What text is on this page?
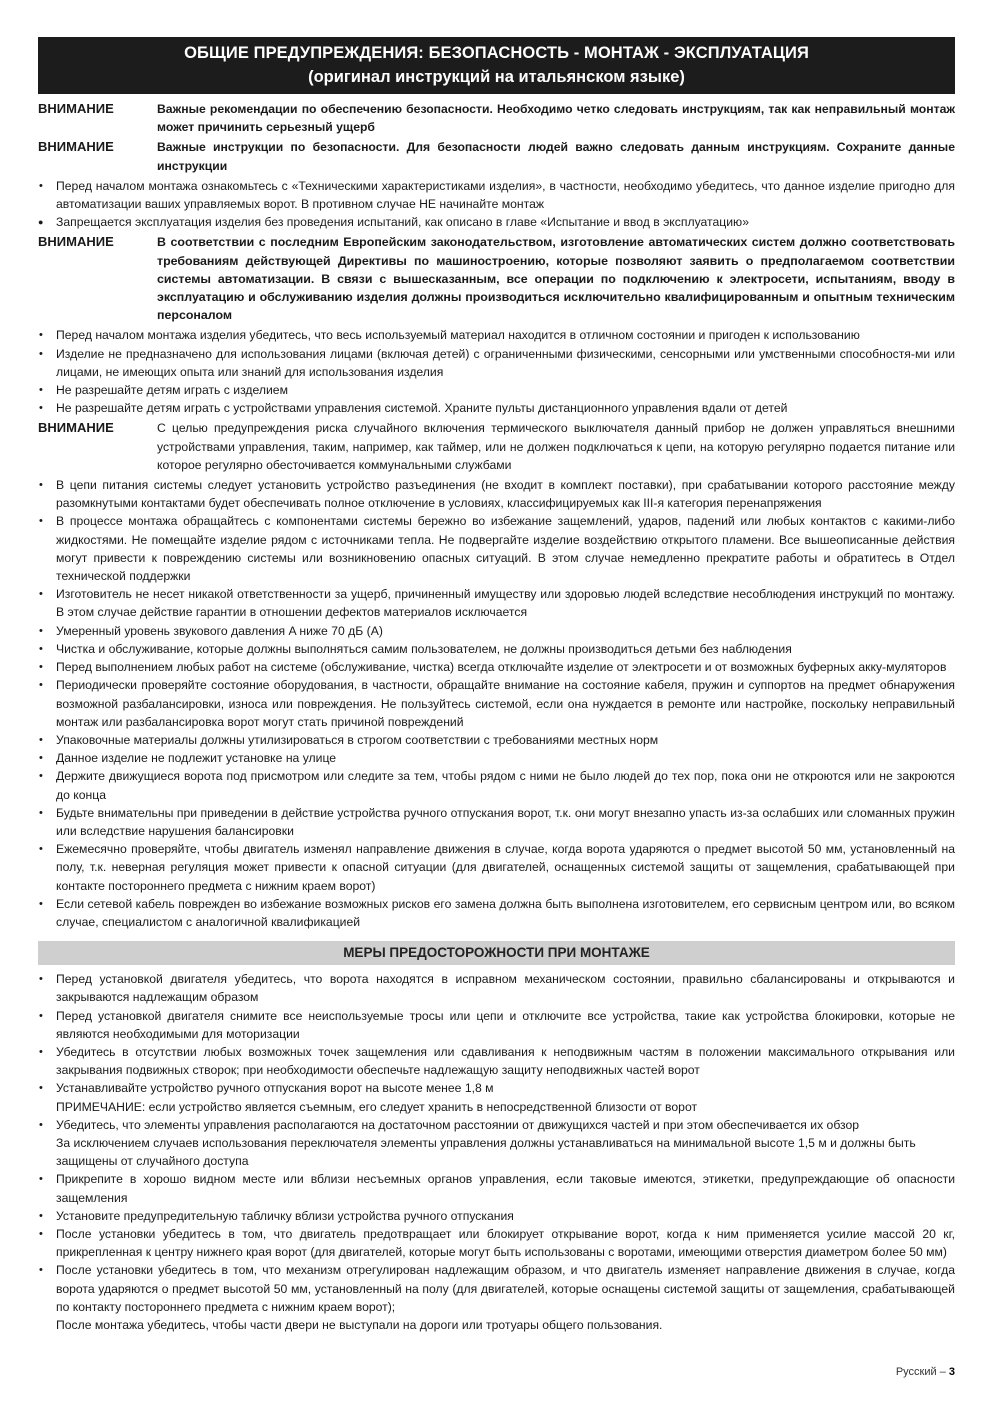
ОБЩИЕ ПРЕДУПРЕЖДЕНИЯ: БЕЗОПАСНОСТЬ - МОНТАЖ - ЭКСПЛУАТАЦИЯ
(оригинал инструкций на итальянском языке)
ВНИМАНИЕ	Важные рекомендации по обеспечению безопасности. Необходимо четко следовать инструкциям, так как неправильный монтаж может причинить серьезный ущерб
ВНИМАНИЕ	Важные инструкции по безопасности. Для безопасности людей важно следовать данным инструкциям. Сохраните данные инструкции
• Перед началом монтажа ознакомьтесь с «Техническими характеристиками изделия», в частности, необходимо убедитесь, что данное изделие пригодно для автоматизации ваших управляемых ворот. В противном случае НЕ начинайте монтаж
● Запрещается эксплуатация изделия без проведения испытаний, как описано в главе «Испытание и ввод в эксплуатацию»
ВНИМАНИЕ	В соответствии с последним Европейским законодательством, изготовление автоматических систем должно соответствовать требованиям действующей Директивы по машиностроению, которые позволяют заявить о предполагаемом соответствии системы автоматизации. В связи с вышесказанным, все операции по подключению к электросети, испытаниям, вводу в эксплуатацию и обслуживанию изделия должны производиться исключительно квалифицированным и опытным техническим персоналом
• Перед началом монтажа изделия убедитесь, что весь используемый материал находится в отличном состоянии и пригоден к использованию
• Изделие не предназначено для использования лицами (включая детей) с ограниченными физическими, сенсорными или умственными способностя-ми или лицами, не имеющих опыта или знаний для использования изделия
• Не разрешайте детям играть с изделием
• Не разрешайте детям играть с устройствами управления системой. Храните пульты дистанционного управления вдали от детей
ВНИМАНИЕ	С целью предупреждения риска случайного включения термического выключателя данный прибор не должен управляться внешними устройствами управления, таким, например, как таймер, или не должен подключаться к цепи, на которую регулярно подается питание или которое регулярно обесточивается коммунальными службами
• В цепи питания системы следует установить устройство разъединения (не входит в комплект поставки), при срабатывании которого расстояние между разомкнутыми контактами будет обеспечивать полное отключение в условиях, классифицируемых как III-я категория перенапряжения
• В процессе монтажа обращайтесь с компонентами системы бережно во избежание защемлений, ударов, падений или любых контактов с какими-либо жидкостями. Не помещайте изделие рядом с источниками тепла. Не подвергайте изделие воздействию открытого пламени. Все вышеописанные действия могут привести к повреждению системы или возникновению опасных ситуаций. В этом случае немедленно прекратите работы и обратитесь в Отдел технической поддержки
• Изготовитель не несет никакой ответственности за ущерб, причиненный имуществу или здоровью людей вследствие несоблюдения инструкций по монтажу. В этом случае действие гарантии в отношении дефектов материалов исключается
• Умеренный уровень звукового давления A ниже 70 дБ (A)
• Чистка и обслуживание, которые должны выполняться самим пользователем, не должны производиться детьми без наблюдения
• Перед выполнением любых работ на системе (обслуживание, чистка) всегда отключайте изделие от электросети и от возможных буферных акку-муляторов
• Периодически проверяйте состояние оборудования, в частности, обращайте внимание на состояние кабеля, пружин и суппортов на предмет обнаружения возможной разбалансировки, износа или повреждения. Не пользуйтесь системой, если она нуждается в ремонте или настройке, поскольку неправильный монтаж или разбалансировка ворот могут стать причиной повреждений
• Упаковочные материалы должны утилизироваться в строгом соответствии с требованиями местных норм
• Данное изделие не подлежит установке на улице
• Держите движущиеся ворота под присмотром или следите за тем, чтобы рядом с ними не было людей до тех пор, пока они не откроются или не закроются до конца
• Будьте внимательны при приведении в действие устройства ручного отпускания ворот, т.к. они могут внезапно упасть из-за ослабших или сломанных пружин или вследствие нарушения балансировки
• Ежемесячно проверяйте, чтобы двигатель изменял направление движения в случае, когда ворота ударяются о предмет высотой 50 мм, установленный на полу, т.к. неверная регуляция может привести к опасной ситуации (для двигателей, оснащенных системой защиты от защемления, срабатывающей при контакте постороннего предмета с нижним краем ворот)
• Если сетевой кабель поврежден во избежание возможных рисков его замена должна быть выполнена изготовителем, его сервисным центром или, во всяком случае, специалистом с аналогичной квалификацией
МЕРЫ ПРЕДОСТОРОЖНОСТИ ПРИ МОНТАЖЕ
• Перед установкой двигателя убедитесь, что ворота находятся в исправном механическом состоянии, правильно сбалансированы и открываются и закрываются надлежащим образом
• Перед установкой двигателя снимите все неиспользуемые тросы или цепи и отключите все устройства, такие как устройства блокировки, которые не являются необходимыми для моторизации
• Убедитесь в отсутствии любых возможных точек защемления или сдавливания к неподвижным частям в положении максимального открывания или закрывания подвижных створок; при необходимости обеспечьте надлежащую защиту неподвижных частей ворот
• Устанавливайте устройство ручного отпускания ворот на высоте менее 1,8 м
ПРИМЕЧАНИЕ: если устройство является съемным, его следует хранить в непосредственной близости от ворот
• Убедитесь, что элементы управления располагаются на достаточном расстоянии от движущихся частей и при этом обеспечивается их обзор
За исключением случаев использования переключателя элементы управления должны устанавливаться на минимальной высоте 1,5 м и должны быть защищены от случайного доступа
• Прикрепите в хорошо видном месте или вблизи несъемных органов управления, если таковые имеются, этикетки, предупреждающие об опасности защемления
• Установите предупредительную табличку вблизи устройства ручного отпускания
• После установки убедитесь в том, что двигатель предотвращает или блокирует открывание ворот, когда к ним применяется усилие массой 20 кг, прикрепленная к центру нижнего края ворот (для двигателей, которые могут быть использованы с воротами, имеющими отверстия диаметром более 50 мм)
• После установки убедитесь в том, что механизм отрегулирован надлежащим образом, и что двигатель изменяет направление движения в случае, когда ворота ударяются о предмет высотой 50 мм, установленный на полу (для двигателей, которые оснащены системой защиты от защемления, срабатывающей по контакту постороннего предмета с нижним краем ворот);
После монтажа убедитесь, чтобы части двери не выступали на дороги или тротуары общего пользования.
Русский – 3
